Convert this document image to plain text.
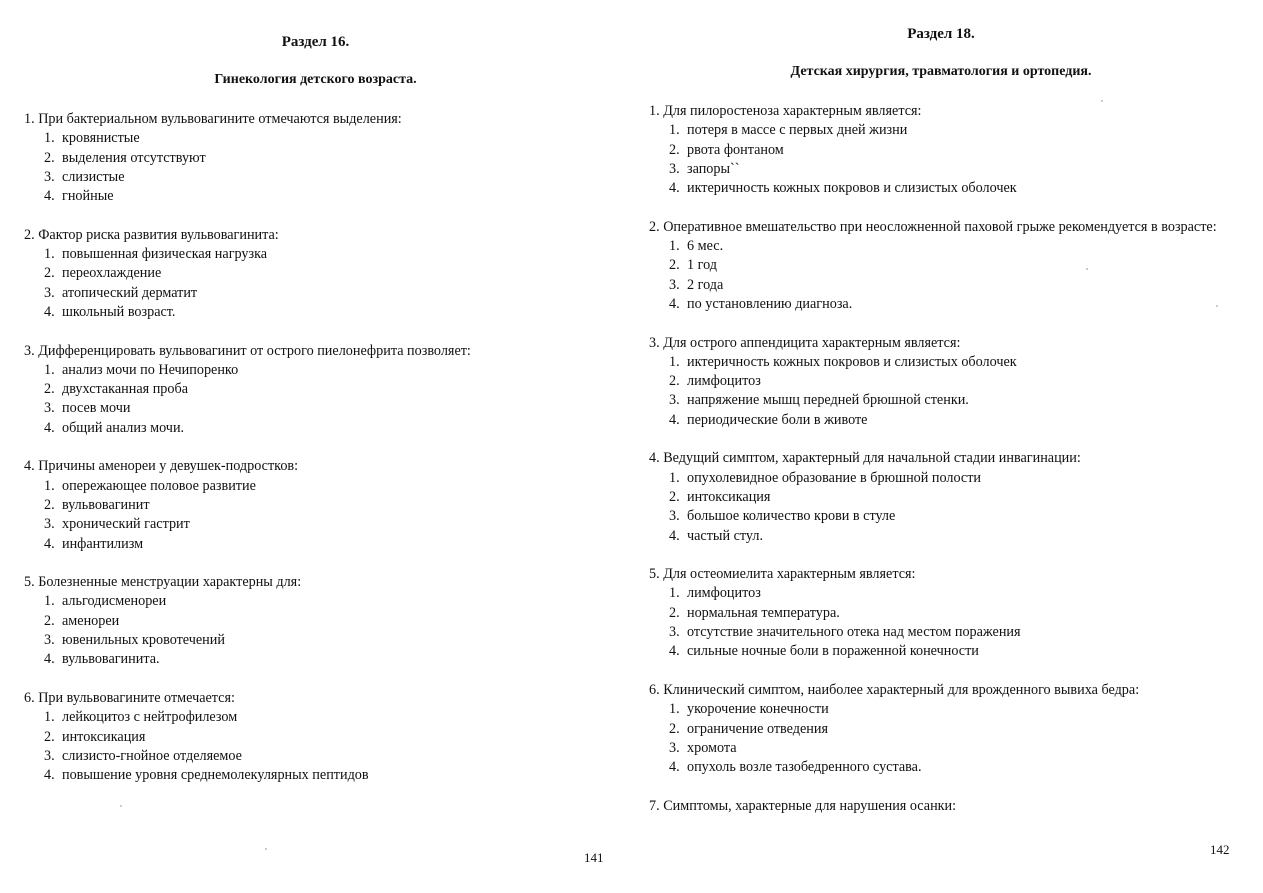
Раздел 16.
Гинекология детского возраста.
1. При бактериальном вульвовагините отмечаются выделения:
1. кровянистые
2. выделения отсутствуют
3. слизистые
4. гнойные
2. Фактор риска развития вульвовагинита:
1. повышенная физическая нагрузка
2. переохлаждение
3. атопический дерматит
4. школьный возраст.
3. Дифференцировать вульвовагинит от острого пиелонефрита позволяет:
1. анализ мочи по Нечипоренко
2. двухстаканная проба
3. посев мочи
4. общий анализ мочи.
4. Причины аменореи у девушек-подростков:
1. опережающее половое развитие
2. вульвовагинит
3. хронический гастрит
4. инфантилизм
5. Болезненные менструации характерны для:
1. альгодисменореи
2. аменореи
3. ювенильных кровотечений
4. вульвовагинита.
6. При вульвовагините отмечается:
1. лейкоцитоз с нейтрофилезом
2. интоксикация
3. слизисто-гнойное отделяемое
4. повышение уровня среднемолекулярных пептидов
141
Раздел 18.
Детская хирургия, травматология и ортопедия.
1. Для пилоростеноза характерным является:
1. потеря в массе с первых дней жизни
2. рвота фонтаном
3. запоры``
4. иктеричность кожных покровов и слизистых оболочек
2. Оперативное вмешательство при неосложненной паховой грыже рекомендуется в возрасте:
1. 6 мес.
2. 1 год
3. 2 года
4. по установлению диагноза.
3. Для острого аппендицита характерным является:
1. иктеричность кожных покровов и слизистых оболочек
2. лимфоцитоз
3. напряжение мышц передней брюшной стенки.
4. периодические боли в животе
4. Ведущий симптом, характерный для начальной стадии инвагинации:
1. опухолевидное образование в брюшной полости
2. интоксикация
3. большое количество крови в стуле
4. частый стул.
5. Для остеомиелита характерным является:
1. лимфоцитоз
2. нормальная температура.
3. отсутствие значительного отека над местом поражения
4. сильные ночные боли в пораженной конечности
6. Клинический симптом, наиболее характерный для врожденного вывиха бедра:
1. укорочение конечности
2. ограничение отведения
3. хромота
4. опухоль возле тазобедренного сустава.
7. Симптомы, характерные для нарушения осанки:
142
